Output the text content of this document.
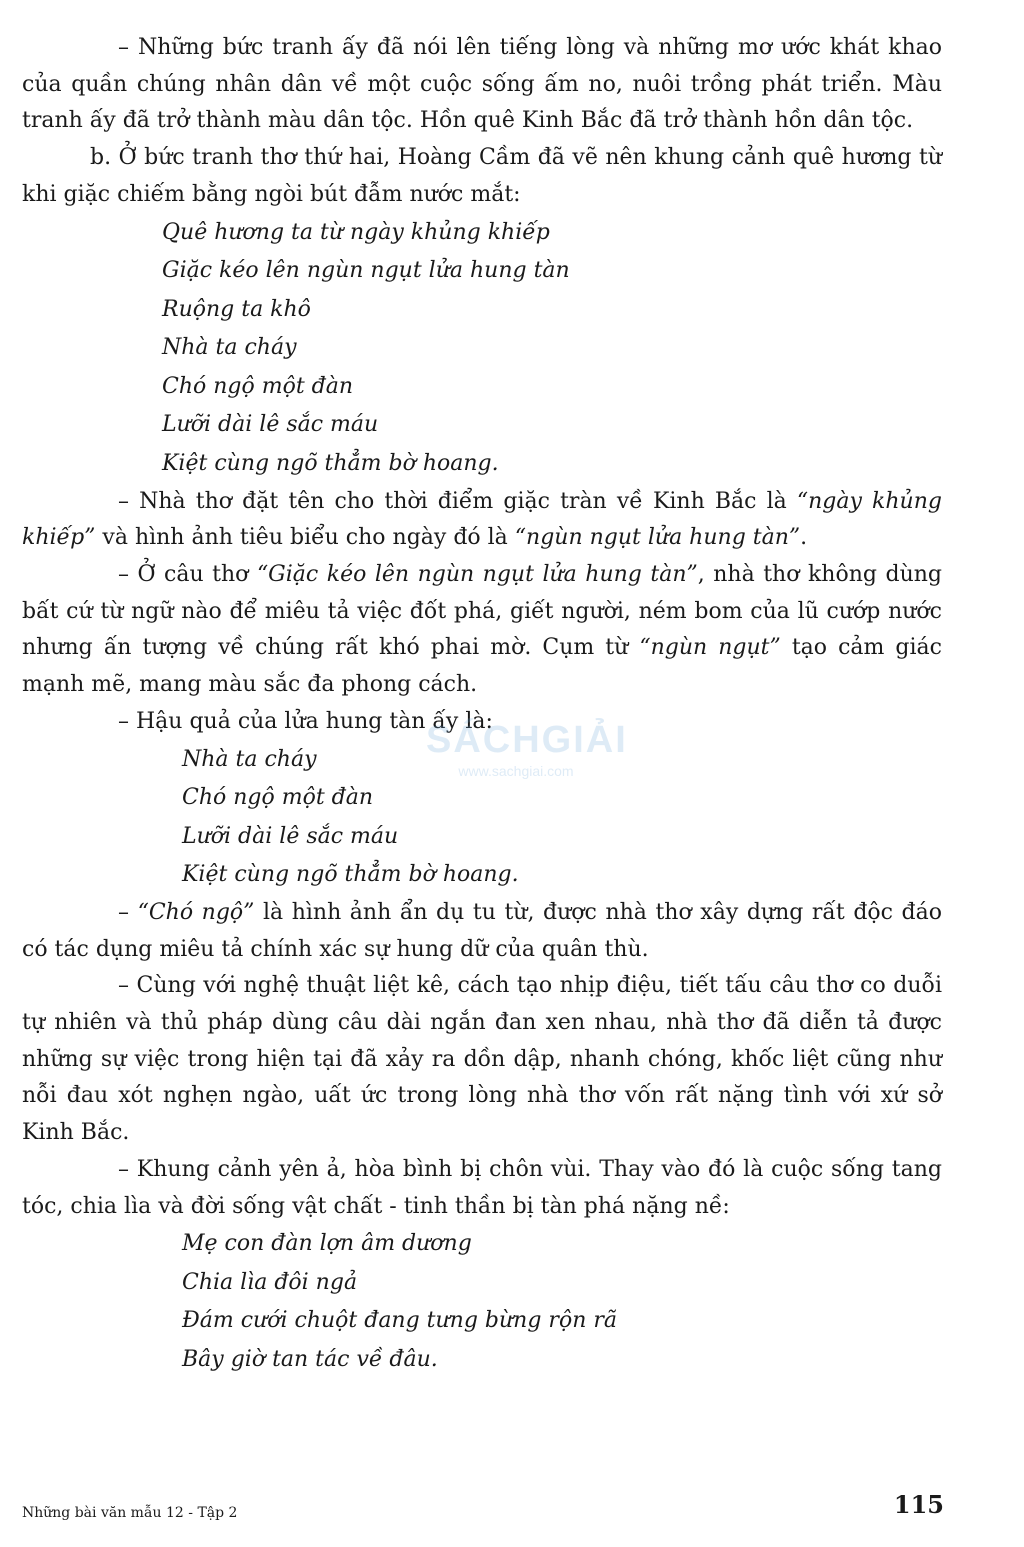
– Những bức tranh ấy đã nói lên tiếng lòng và những mơ ước khát khao của quần chúng nhân dân về một cuộc sống ấm no, nuôi trồng phát triển. Màu tranh ấy đã trở thành màu dân tộc. Hồn quê Kinh Bắc đã trở thành hồn dân tộc.

b. Ở bức tranh thơ thứ hai, Hoàng Cầm đã vẽ nên khung cảnh quê hương từ khi giặc chiếm bằng ngòi bút đẫm nước mắt:

Quê hương ta từ ngày khủng khiếp
Giặc kéo lên ngùn ngụt lửa hung tàn
Ruộng ta khô
Nhà ta cháy
Chó ngộ một đàn
Lưỡi dài lê sắc máu
Kiệt cùng ngõ thẳm bờ hoang.

– Nhà thơ đặt tên cho thời điểm giặc tràn về Kinh Bắc là “ngày khủng khiếp” và hình ảnh tiêu biểu cho ngày đó là “ngùn ngụt lửa hung tàn”.

– Ở câu thơ “Giặc kéo lên ngùn ngụt lửa hung tàn”, nhà thơ không dùng bất cứ từ ngữ nào để miêu tả việc đốt phá, giết người, ném bom của lũ cướp nước nhưng ấn tượng về chúng rất khó phai mờ. Cụm từ “ngùn ngụt” tạo cảm giác mạnh mẽ, mang màu sắc đa phong cách.

– Hậu quả của lửa hung tàn ấy là:

Nhà ta cháy
Chó ngộ một đàn
Lưỡi dài lê sắc máu
Kiệt cùng ngõ thẳm bờ hoang.

– “Chó ngộ” là hình ảnh ẩn dụ tu từ, được nhà thơ xây dựng rất độc đáo có tác dụng miêu tả chính xác sự hung dữ của quân thù.

– Cùng với nghệ thuật liệt kê, cách tạo nhịp điệu, tiết tấu câu thơ co duỗi tự nhiên và thủ pháp dùng câu dài ngắn đan xen nhau, nhà thơ đã diễn tả được những sự việc trong hiện tại đã xảy ra dồn dập, nhanh chóng, khốc liệt cũng như nỗi đau xót nghẹn ngào, uất ức trong lòng nhà thơ vốn rất nặng tình với xứ sở Kinh Bắc.

– Khung cảnh yên ả, hòa bình bị chôn vùi. Thay vào đó là cuộc sống tang tóc, chia lìa và đời sống vật chất - tinh thần bị tàn phá nặng nề:

Mẹ con đàn lợn âm dương
Chia lìa đôi ngả
Đám cưới chuột đang tưng bừng rộn rã
Bây giờ tan tác về đâu.
SÁCHGIẢI
www.sachgiai.com
Những bài văn mẫu 12 - Tập 2	115
